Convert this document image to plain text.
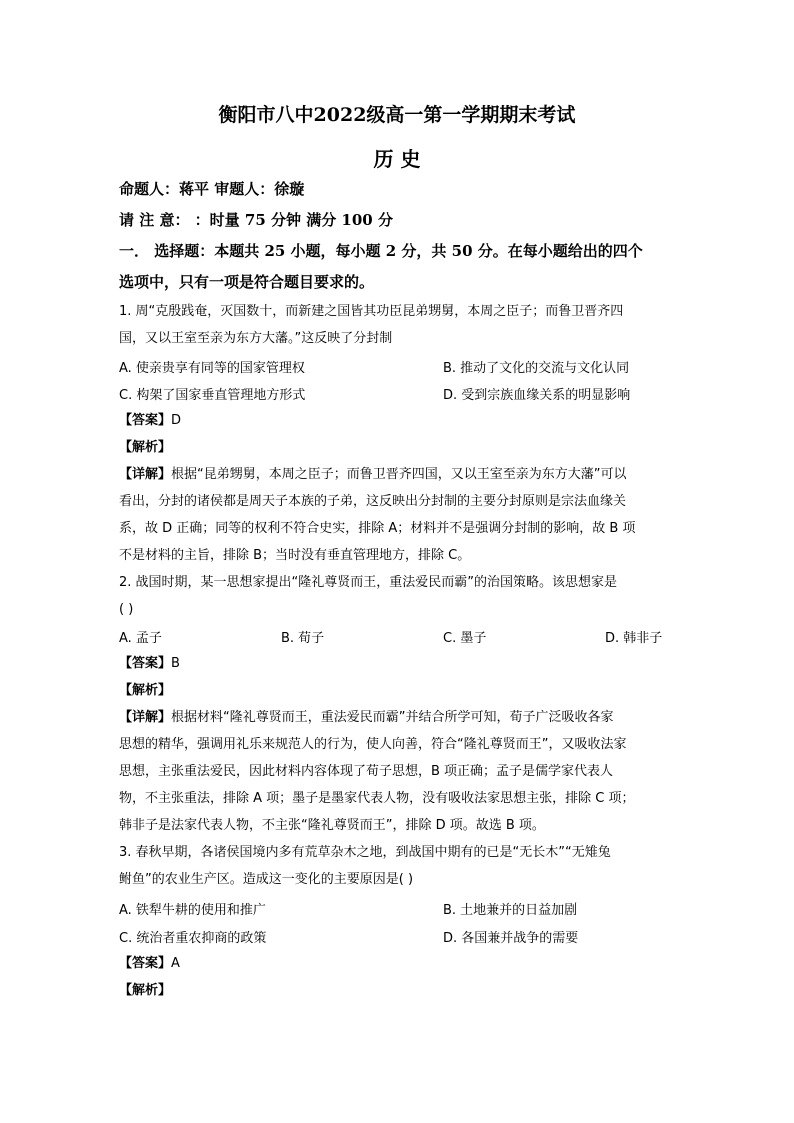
衡阳市八中2022级高一第一学期期末考试
历 史
命题人：蒋平 审题人：徐璇
请 注 意： ：时量 75 分钟 满分 100 分
一． 选择题：本题共 25 小题，每小题 2 分，共 50 分。在每小题给出的四个
选项中，只有一项是符合题目要求的。
1. 周“克殷践奄，灭国数十，而新建之国皆其功臣昆弟甥舅，本周之臣子；而鲁卫晋齐四
国，又以王室至亲为东方大藩。”这反映了分封制
A. 使亲贵享有同等的国家管理权	B. 推动了文化的交流与文化认同
C. 构架了国家垂直管理地方形式	D. 受到宗族血缘关系的明显影响
【答案】D
【解析】
【详解】根据“昆弟甥舅，本周之臣子；而鲁卫晋齐四国，又以王室至亲为东方大藩”可以
看出，分封的诸侯都是周天子本族的子弟，这反映出分封制的主要分封原则是宗法血缘关
系，故 D 正确；同等的权利不符合史实，排除 A；材料并不是强调分封制的影响，故 B 项
不是材料的主旨，排除 B；当时没有垂直管理地方，排除 C。
2. 战国时期，某一思想家提出“隆礼尊贤而王，重法爱民而霸”的治国策略。该思想家是
( )
A. 孟子	B. 荀子	C. 墨子	D. 韩非子
【答案】B
【解析】
【详解】根据材料“隆礼尊贤而王，重法爱民而霸”并结合所学可知，荀子广泛吸收各家
思想的精华，强调用礼乐来规范人的行为，使人向善，符合“隆礼尊贤而王”，又吸收法家
思想，主张重法爱民，因此材料内容体现了荀子思想，B 项正确；孟子是儒学家代表人
物，不主张重法，排除 A 项；墨子是墨家代表人物，没有吸收法家思想主张，排除 C 项；
韩非子是法家代表人物，不主张“隆礼尊贤而王”，排除 D 项。故选 B 项。
3. 春秋早期，各诸侯国境内多有荒草杂木之地，到战国中期有的已是“无长木”“无雉兔
鲋鱼”的农业生产区。造成这一变化的主要原因是( )
A. 铁犁牛耕的使用和推广	B. 土地兼并的日益加剧
C. 统治者重农抑商的政策	D. 各国兼并战争的需要
【答案】A
【解析】
